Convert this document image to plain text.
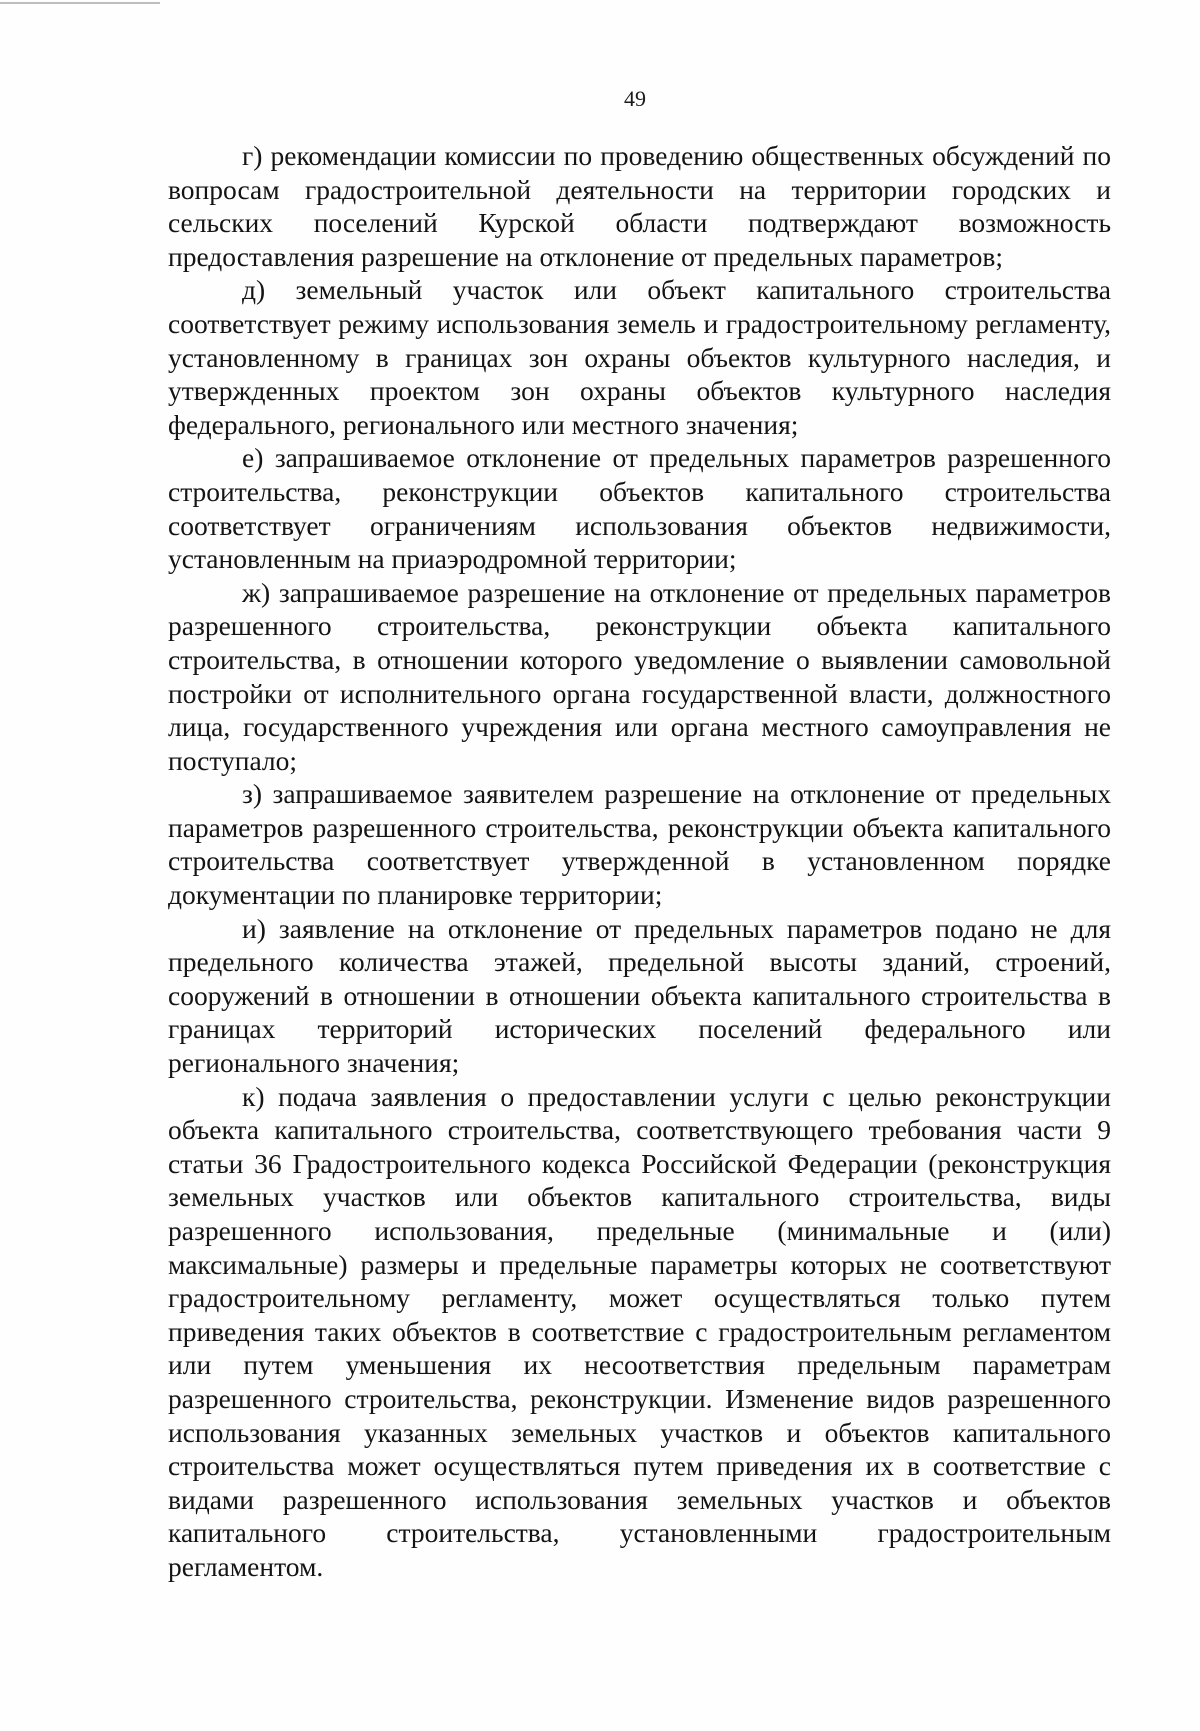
49

г) рекомендации комиссии по проведению общественных обсуждений по вопросам градостроительной деятельности на территории городских и сельских поселений Курской области подтверждают возможность предоставления разрешение на отклонение от предельных параметров;

д) земельный участок или объект капитального строительства соответствует режиму использования земель и градостроительному регламенту, установленному в границах зон охраны объектов культурного наследия, и утвержденных проектом зон охраны объектов культурного наследия федерального, регионального или местного значения;

е) запрашиваемое отклонение от предельных параметров разрешенного строительства, реконструкции объектов капитального строительства соответствует ограничениям использования объектов недвижимости, установленным на приаэродромной территории;

ж) запрашиваемое разрешение на отклонение от предельных параметров разрешенного строительства, реконструкции объекта капитального строительства, в отношении которого уведомление о выявлении самовольной постройки от исполнительного органа государственной власти, должностного лица, государственного учреждения или органа местного самоуправления не поступало;

з) запрашиваемое заявителем разрешение на отклонение от предельных параметров разрешенного строительства, реконструкции объекта капитального строительства соответствует утвержденной в установленном порядке документации по планировке территории;

и) заявление на отклонение от предельных параметров подано не для предельного количества этажей, предельной высоты зданий, строений, сооружений в отношении в отношении объекта капитального строительства в границах территорий исторических поселений федерального или регионального значения;

к) подача заявления о предоставлении услуги с целью реконструкции объекта капитального строительства, соответствующего требования части 9 статьи 36 Градостроительного кодекса Российской Федерации (реконструкция земельных участков или объектов капитального строительства, виды разрешенного использования, предельные (минимальные и (или) максимальные) размеры и предельные параметры которых не соответствуют градостроительному регламенту, может осуществляться только путем приведения таких объектов в соответствие с градостроительным регламентом или путем уменьшения их несоответствия предельным параметрам разрешенного строительства, реконструкции. Изменение видов разрешенного использования указанных земельных участков и объектов капитального строительства может осуществляться путем приведения их в соответствие с видами разрешенного использования земельных участков и объектов капитального строительства, установленными градостроительным регламентом.
